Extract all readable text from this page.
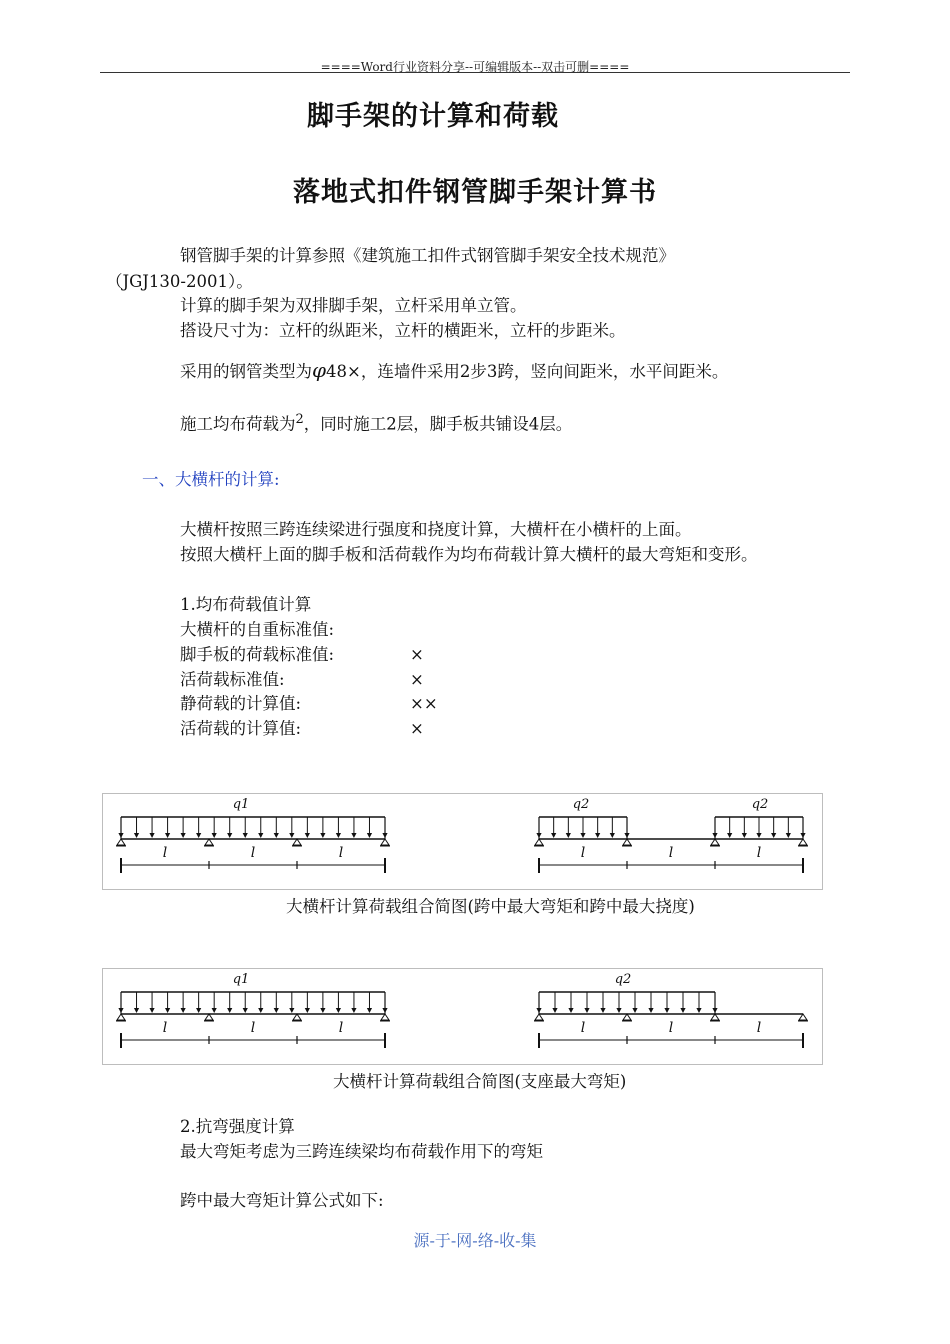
====Word行业资料分享--可编辑版本--双击可删====
脚手架的计算和荷载
落地式扣件钢管脚手架计算书
钢管脚手架的计算参照《建筑施工扣件式钢管脚手架安全技术规范》
（JGJ130-2001）。
计算的脚手架为双排脚手架，立杆采用单立管。
搭设尺寸为：立杆的纵距米，立杆的横距米，立杆的步距米。
采用的钢管类型为φ48×，连墙件采用2步3跨，竖向间距米，水平间距米。
施工均布荷载为$^2$，同时施工2层，脚手板共铺设4层。
一、大横杆的计算:
大横杆按照三跨连续梁进行强度和挠度计算，大横杆在小横杆的上面。
按照大横杆上面的脚手板和活荷载作为均布荷载计算大横杆的最大弯矩和变形。
1.均布荷载值计算
大横杆的自重标准值:
脚手板的荷载标准值:	×
活荷载标准值:	×
静荷载的计算值:	××
活荷载的计算值:	×
q1
l	l	l
q2	q2
l	l	l
大横杆计算荷载组合简图(跨中最大弯矩和跨中最大挠度)
q1
l	l	l
q2
l	l	l
大横杆计算荷载组合简图(支座最大弯矩)
2.抗弯强度计算
最大弯矩考虑为三跨连续梁均布荷载作用下的弯矩
跨中最大弯矩计算公式如下:
源-于-网-络-收-集
